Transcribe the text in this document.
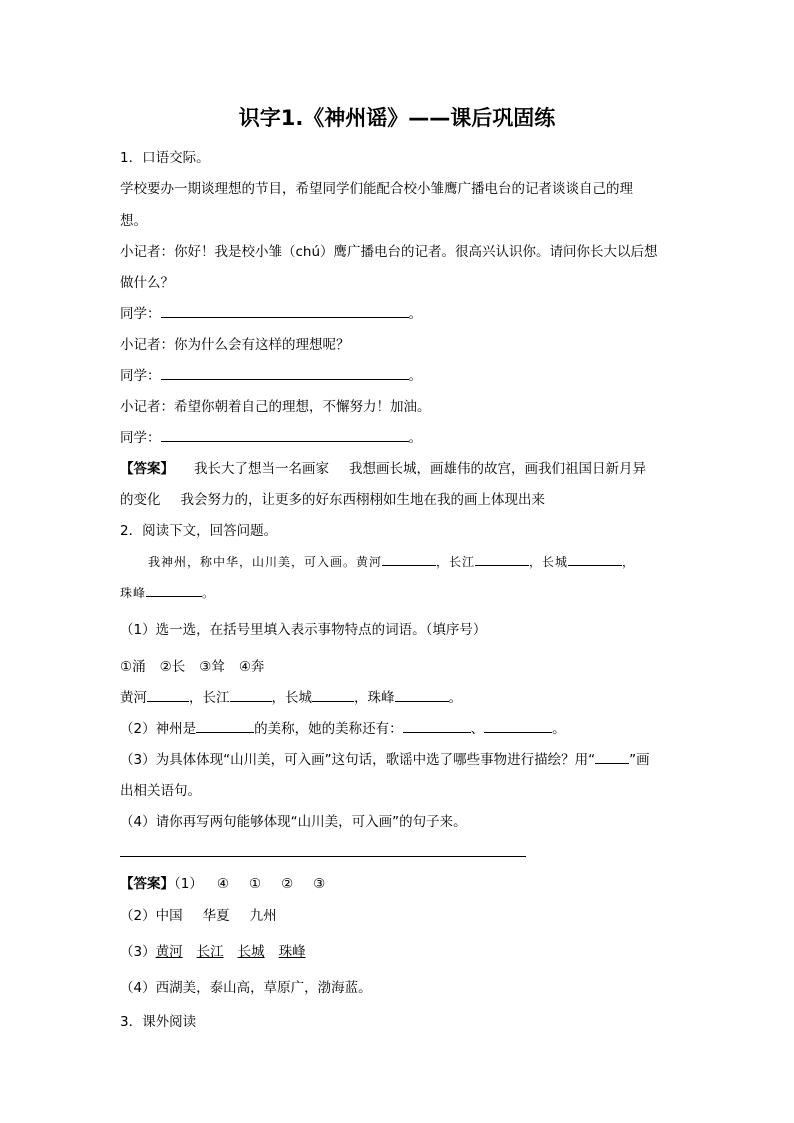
识字1.《神州谣》——课后巩固练
1．口语交际。
学校要办一期谈理想的节目，希望同学们能配合校小雏鹰广播电台的记者谈谈自己的理
想。
小记者：你好！我是校小雏（chú）鹰广播电台的记者。很高兴认识你。请问你长大以后想
做什么？
同学：	。
小记者：你为什么会有这样的理想呢？
同学：	。
小记者：希望你朝着自己的理想，不懈努力！加油。
同学：	。
【答案】 我长大了想当一名画家 我想画长城，画雄伟的故宫，画我们祖国日新月异
的变化 我会努力的，让更多的好东西栩栩如生地在我的画上体现出来
2．阅读下文，回答问题。
我神州，称中华，山川美，可入画。黄河	，长江	，长城	，
珠峰	。
（1）选一选，在括号里填入表示事物特点的词语。（填序号）
①涌 ②长 ③耸 ④奔
黄河	，长江	，长城	，珠峰	。
（2）神州是	的美称，她的美称还有：	、	。
（3）为具体体现“山川美，可入画”这句话，歌谣中选了哪些事物进行描绘？用“	”画
出相关语句。
（4）请你再写两句能够体现“山川美，可入画”的句子来。
【答案】（1） ④ ① ② ③
（2）中国 华夏 九州
（3）黄河 长江 长城 珠峰
（4）西湖美，泰山高，草原广，渤海蓝。
3．课外阅读
